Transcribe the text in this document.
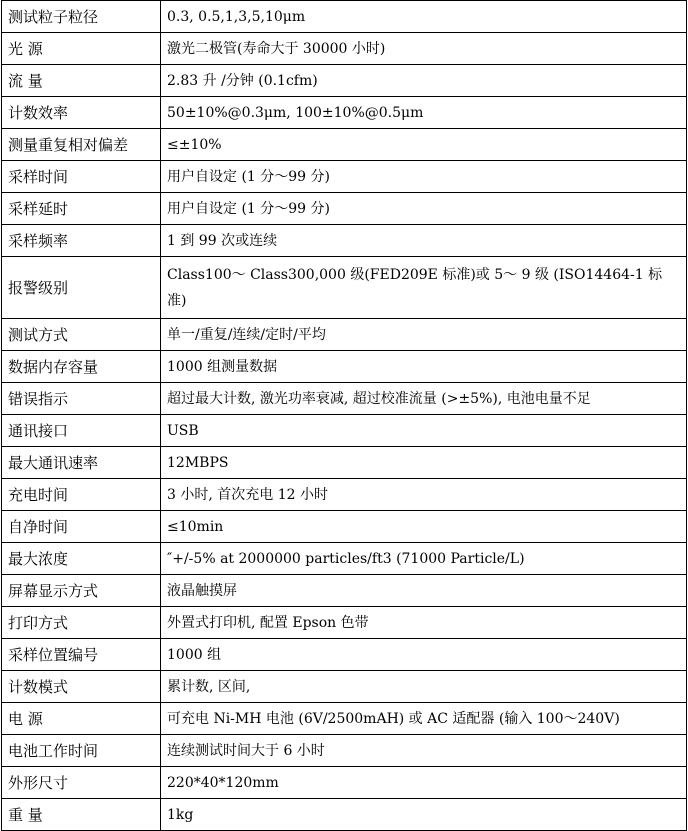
测试粒子粒径	0.3, 0.5,1,3,5,10μm
光 源	激光二极管(寿命大于 30000 小时)
流 量	2.83 升 /分钟 (0.1cfm)
计数效率	50±10%@0.3μm, 100±10%@0.5μm
测量重复相对偏差	≤±10%
采样时间	用户自设定 (1 分～99 分)
采样延时	用户自设定 (1 分～99 分)
采样频率	1 到 99 次或连续
报警级别	Class100～ Class300,000 级(FED209E 标准)或 5～ 9 级 (ISO14464-1 标准)
测试方式	单一/重复/连续/定时/平均
数据内存容量	1000 组测量数据
错误指示	超过最大计数, 激光功率衰减, 超过校准流量 (>±5%), 电池电量不足
通讯接口	USB
最大通讯速率	12MBPS
充电时间	3 小时, 首次充电 12 小时
自净时间	≤10min
最大浓度	″+/-5% at 2000000 particles/ft3 (71000 Particle/L)
屏幕显示方式	液晶触摸屏
打印方式	外置式打印机, 配置 Epson 色带
采样位置编号	1000 组
计数模式	累计数, 区间,
电 源	可充电 Ni-MH 电池 (6V/2500mAH) 或 AC 适配器 (输入 100～240V)
电池工作时间	连续测试时间大于 6 小时
外形尺寸	220*40*120mm
重 量	1kg
